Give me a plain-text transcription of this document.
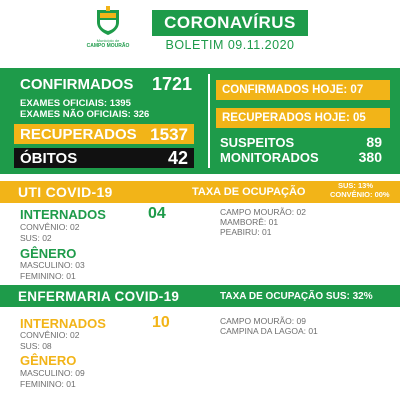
Município de
CAMPO MOURÃO
CORONAVÍRUS
BOLETIM 09.11.2020
CONFIRMADOS 1721
EXAMES OFICIAIS: 1395
EXAMES NÃO OFICIAIS: 326
RECUPERADOS 1537
ÓBITOS	42
CONFIRMADOS HOJE: 07
RECUPERADOS HOJE: 05
SUSPEITOS	89
MONITORADOS	380
UTI COVID-19	TAXA DE OCUPAÇÃO
SUS: 13%
CONVÊNIO: 00%
INTERNADOS	04
CONVÊNIO: 02
SUS: 02
GÊNERO
MASCULINO: 03
FEMININO: 01
CAMPO MOURÃO: 02
MAMBORÊ: 01
PEABIRU: 01
ENFERMARIA COVID-19	TAXA DE OCUPAÇÃO SUS: 32%
INTERNADOS	10
CONVÊNIO: 02
SUS: 08
GÊNERO
MASCULINO: 09
FEMININO: 01
CAMPO MOURÃO: 09
CAMPINA DA LAGOA: 01
